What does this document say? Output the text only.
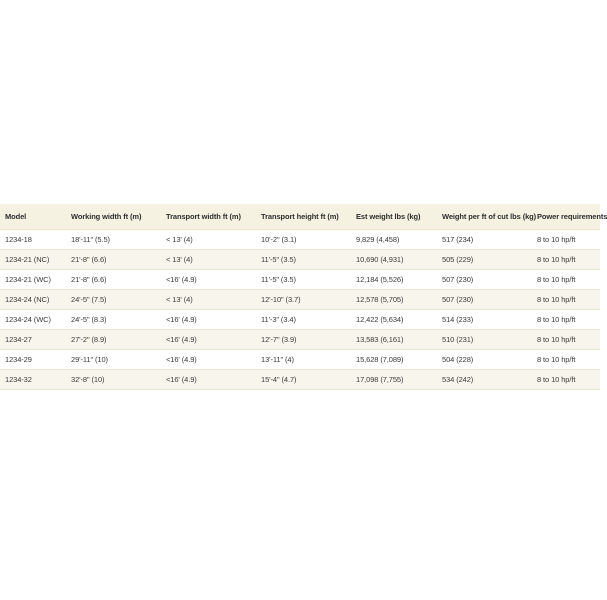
Model	Working width ft (m)	Transport width ft (m)	Transport height ft (m)	Est weight lbs (kg)	Weight per ft of cut lbs (kg)	Power requirements
1234-18	18'-11" (5.5)	< 13' (4)	10'-2" (3.1)	9,829 (4,458)	517 (234)	8 to 10 hp/ft
1234-21 (NC)	21'-8" (6.6)	< 13' (4)	11'-5" (3.5)	10,690 (4,931)	505 (229)	8 to 10 hp/ft
1234-21 (WC)	21'-8" (6.6)	<16' (4.9)	11'-5" (3.5)	12,184 (5,526)	507 (230)	8 to 10 hp/ft
1234-24 (NC)	24'-5" (7.5)	< 13' (4)	12'-10" (3.7)	12,578 (5,705)	507 (230)	8 to 10 hp/ft
1234-24 (WC)	24'-5" (8.3)	<16' (4.9)	11'-3" (3.4)	12,422 (5,634)	514 (233)	8 to 10 hp/ft
1234-27	27'-2" (8.9)	<16' (4.9)	12'-7" (3.9)	13,583 (6,161)	510 (231)	8 to 10 hp/ft
1234-29	29'-11" (10)	<16' (4.9)	13'-11" (4)	15,628 (7,089)	504 (228)	8 to 10 hp/ft
1234-32	32'-8" (10)	<16' (4.9)	15'-4" (4.7)	17,098 (7,755)	534 (242)	8 to 10 hp/ft
